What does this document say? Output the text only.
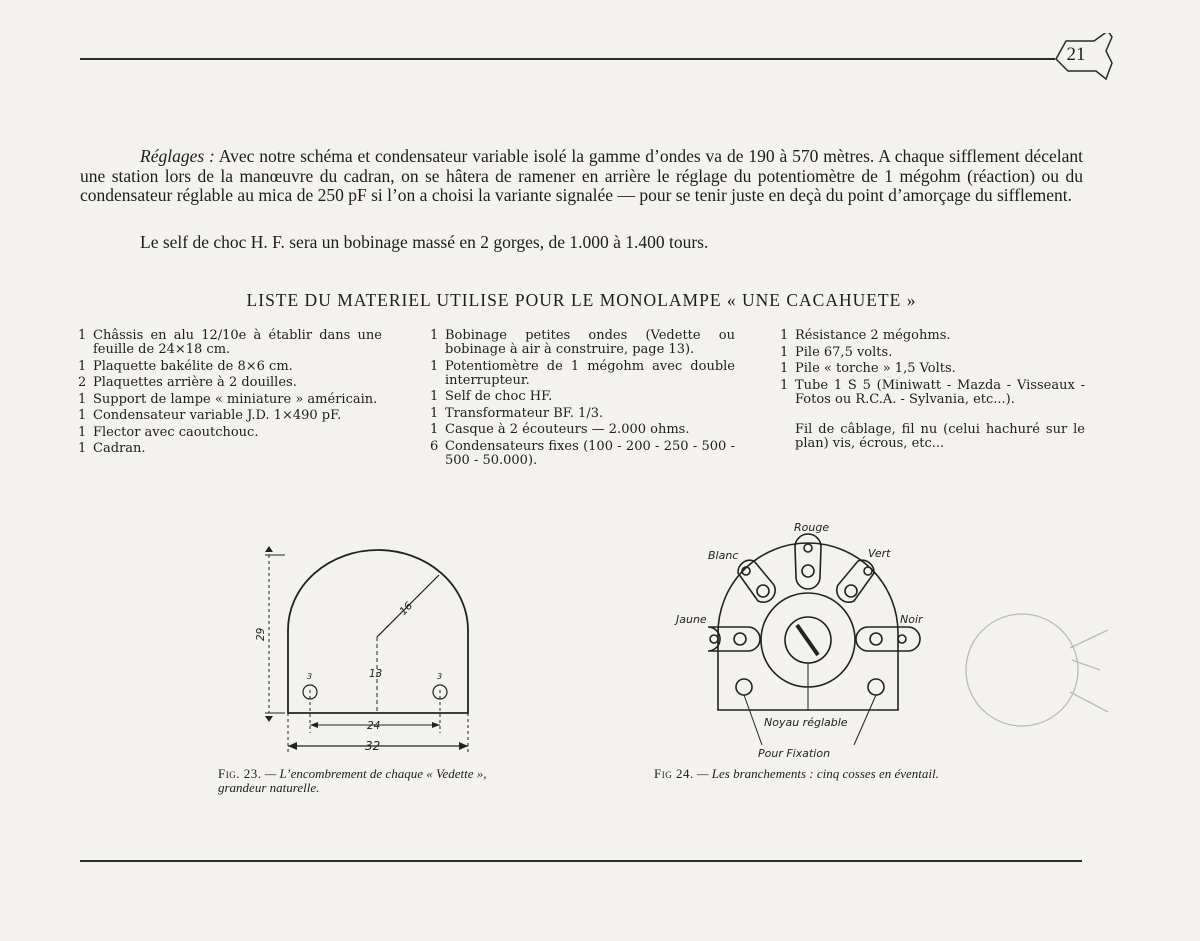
21

Réglages : Avec notre schéma et condensateur variable isolé la gamme d’ondes va de 190 à 570 mètres. A chaque sifflement décelant une station lors de la manœuvre du cadran, on se hâtera de ramener en arrière le réglage du potentiomètre de 1 mégohm (réaction) ou du condensateur réglable au mica de 250 pF si l’on a choisi la variante signalée — pour se tenir juste en deçà du point d’amorçage du sifflement.

Le self de choc H. F. sera un bobinage massé en 2 gorges, de 1.000 à 1.400 tours.

LISTE DU MATERIEL UTILISE POUR LE MONOLAMPE « UNE CACAHUETE »

1 Châssis en alu 12/10e à établir dans une feuille de 24×18 cm.
1 Plaquette bakélite de 8×6 cm.
2 Plaquettes arrière à 2 douilles.
1 Support de lampe « miniature » américain.
1 Condensateur variable J.D. 1×490 pF.
1 Flector avec caoutchouc.
1 Cadran.
1 Bobinage petites ondes (Vedette ou bobinage à air à construire, page 13).
1 Potentiomètre de 1 mégohm avec double interrupteur.
1 Self de choc HF.
1 Transformateur BF. 1/3.
1 Casque à 2 écouteurs — 2.000 ohms.
6 Condensateurs fixes (100 - 200 - 250 - 500 - 500 - 50.000).
1 Résistance 2 mégohms.
1 Pile 67,5 volts.
1 Pile « torche » 1,5 Volts.
1 Tube 1 S 5 (Miniwatt - Mazda - Visseaux - Fotos ou R.C.A. - Sylvania, etc...).
Fil de câblage, fil nu (celui hachuré sur le plan) vis, écrous, etc...
29
16
13
3	3
24
32

Fig. 23. — L’encombrement de chaque « Vedette », grandeur naturelle.

Rouge
Blanc	Vert
Jaune	Noir
Noyau réglable
Pour Fixation

Fig 24. — Les branchements : cinq cosses en éventail.
